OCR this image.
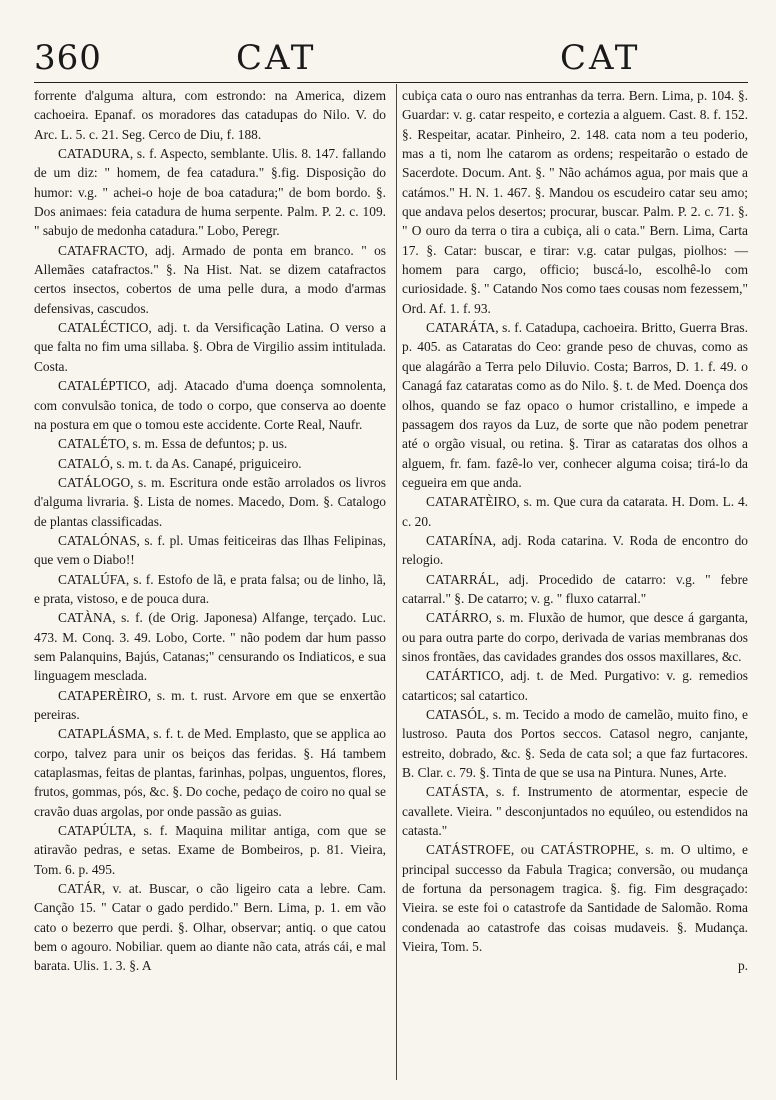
360	CAT	CAT

forrente d'alguma altura, com estrondo: na America, dizem cachoeira. Epanaf. os moradores das catadupas do Nilo. V. do Arc. L. 5. c. 21. Seg. Cerco de Diu, f. 188.

CATADURA, s. f. Aspecto, semblante. Ulis. 8. 147. fallando de um diz: " homem, de fea catadura." §.fig. Disposição do humor: v.g. " achei-o hoje de boa catadura;" de bom bordo. §. Dos animaes: feia catadura de huma serpente. Palm. P. 2. c. 109. " sabujo de medonha catadura." Lobo, Peregr.

CATAFRACTO, adj. Armado de ponta em branco. " os Allemães catafractos." §. Na Hist. Nat. se dizem catafractos certos insectos, cobertos de uma pelle dura, a modo d'armas defensivas, cascudos.

CATALÉCTICO, adj. t. da Versificação Latina. O verso a que falta no fim uma sillaba. §. Obra de Virgilio assim intitulada. Costa.

CATALÉPTICO, adj. Atacado d'uma doença somnolenta, com convulsão tonica, de todo o corpo, que conserva ao doente na postura em que o tomou este accidente. Corte Real, Naufr.

CATALÉTO, s. m. Essa de defuntos; p. us.

CATALÓ, s. m. t. da As. Canapé, priguiceiro.

CATÁLOGO, s. m. Escritura onde estão arrolados os livros d'alguma livraria. §. Lista de nomes. Macedo, Dom. §. Catalogo de plantas classificadas.

CATALÓNAS, s. f. pl. Umas feiticeiras das Ilhas Felipinas, que vem o Diabo!!

CATALÚFA, s. f. Estofo de lã, e prata falsa; ou de linho, lã, e prata, vistoso, e de pouca dura.

CATÀNA, s. f. (de Orig. Japonesa) Alfange, terçado. Luc. 473. M. Conq. 3. 49. Lobo, Corte. " não podem dar hum passo sem Palanquins, Bajús, Catanas;" censurando os Indiaticos, e sua linguagem mesclada.

CATAPERÈIRO, s. m. t. rust. Arvore em que se enxertão pereiras.

CATAPLÁSMA, s. f. t. de Med. Emplasto, que se applica ao corpo, talvez para unir os beiços das feridas. §. Há tambem cataplasmas, feitas de plantas, farinhas, polpas, unguentos, flores, frutos, gommas, pós, &c. §. Do coche, pedaço de coiro no qual se cravão duas argolas, por onde passão as guias.

CATAPÚLTA, s. f. Maquina militar antiga, com que se atiravão pedras, e setas. Exame de Bombeiros, p. 81. Vieira, Tom. 6. p. 495.

CATÁR, v. at. Buscar, o cão ligeiro cata a lebre. Cam. Canção 15. " Catar o gado perdido." Bern. Lima, p. 1. em vão cato o bezerro que perdi. §. Olhar, observar; antiq. o que catou bem o agouro. Nobiliar. quem ao diante não cata, atrás cái, e mal barata. Ulis. 1. 3. §. A

cubiça cata o ouro nas entranhas da terra. Bern. Lima, p. 104. §. Guardar: v. g. catar respeito, e cortezia a alguem. Cast. 8. f. 152. §. Respeitar, acatar. Pinheiro, 2. 148. cata nom a teu poderio, mas a ti, nom lhe catarom as ordens; respeitarão o estado de Sacerdote. Docum. Ant. §. " Não achámos agua, por mais que a catámos." H. N. 1. 467. §. Mandou os escudeiro catar seu amo; que andava pelos desertos; procurar, buscar. Palm. P. 2. c. 71. §. " O ouro da terra o tira a cubiça, ali o cata." Bern. Lima, Carta 17. §. Catar: buscar, e tirar: v.g. catar pulgas, piolhos: — homem para cargo, officio; buscá-lo, escolhê-lo com curiosidade. §. " Catando Nos como taes cousas nom fezessem," Ord. Af. 1. f. 93.

CATARÁTA, s. f. Catadupa, cachoeira. Britto, Guerra Bras. p. 405. as Cataratas do Ceo: grande peso de chuvas, como as que alagárão a Terra pelo Diluvio. Costa; Barros, D. 1. f. 49. o Canagá faz cataratas como as do Nilo. §. t. de Med. Doença dos olhos, quando se faz opaco o humor cristallino, e impede a passagem dos rayos da Luz, de sorte que não podem penetrar até o orgão visual, ou retina. §. Tirar as cataratas dos olhos a alguem, fr. fam. fazê-lo ver, conhecer alguma coisa; tirá-lo da cegueira em que anda.

CATARATÈIRO, s. m. Que cura da catarata. H. Dom. L. 4. c. 20.

CATARÍNA, adj. Roda catarina. V. Roda de encontro do relogio.

CATARRÁL, adj. Procedido de catarro: v.g. " febre catarral." §. De catarro; v. g. " fluxo catarral."

CATÁRRO, s. m. Fluxão de humor, que desce á garganta, ou para outra parte do corpo, derivada de varias membranas dos sinos frontães, das cavidades grandes dos ossos maxillares, &c.

CATÁRTICO, adj. t. de Med. Purgativo: v. g. remedios catarticos; sal catartico.

CATASÓL, s. m. Tecido a modo de camelão, muito fino, e lustroso. Pauta dos Portos seccos. Catasol negro, canjante, estreito, dobrado, &c. §. Seda de cata sol; a que faz furtacores. B. Clar. c. 79. §. Tinta de que se usa na Pintura. Nunes, Arte.

CATÁSTA, s. f. Instrumento de atormentar, especie de cavallete. Vieira. " desconjuntados no equúleo, ou estendidos na catasta."

CATÁSTROFE, ou CATÁSTROPHE, s. m. O ultimo, e principal successo da Fabula Tragica; conversão, ou mudança de fortuna da personagem tragica. §. fig. Fim desgraçado: Vieira. se este foi o catastrofe da Santidade de Salomão. Roma condenada ao catastrofe das coisas mudaveis. §. Mudança. Vieira, Tom. 5.

p.
